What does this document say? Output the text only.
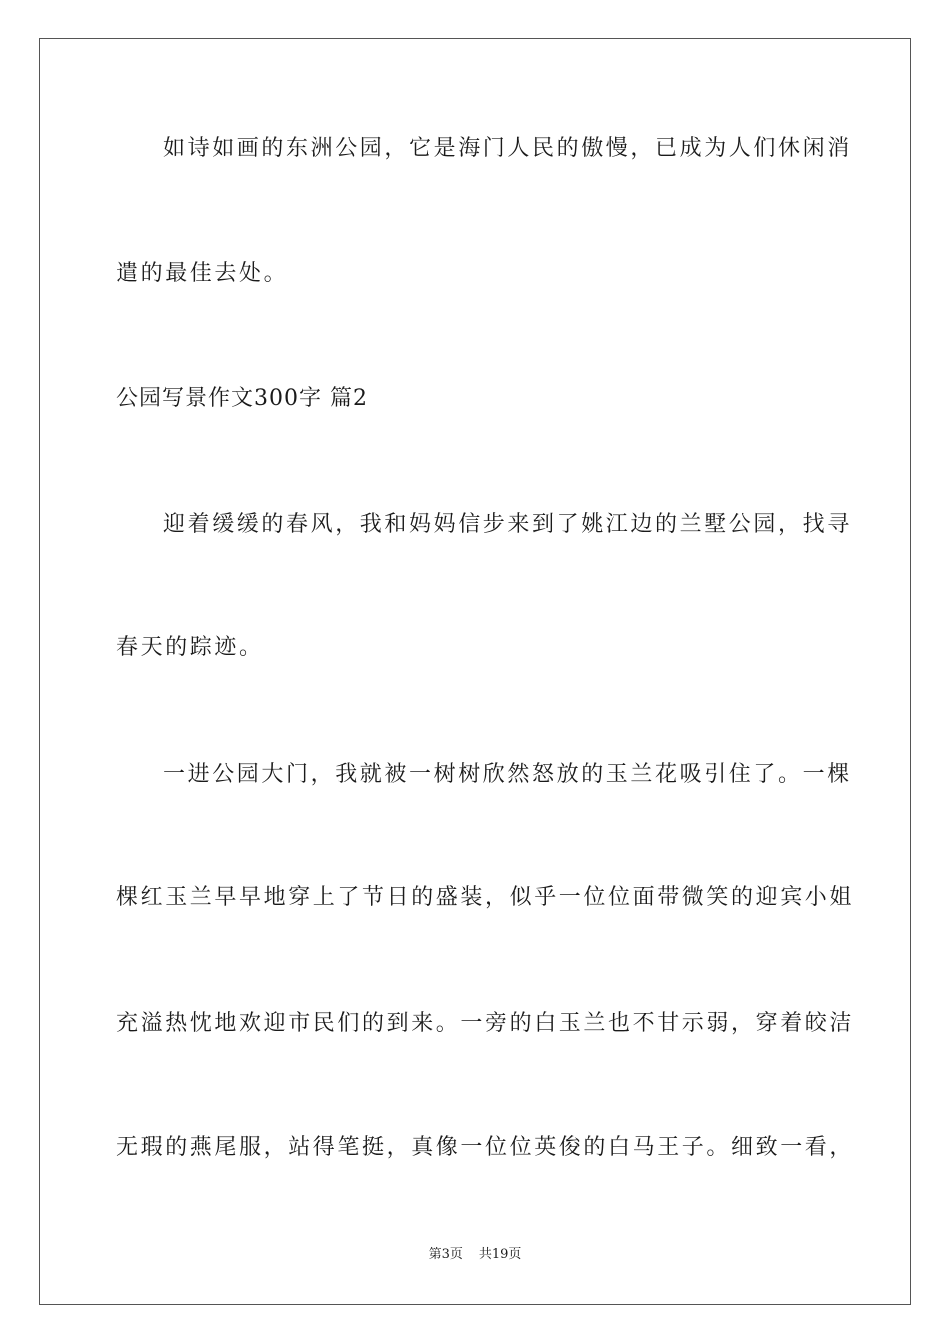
如诗如画的东洲公园，它是海门人民的傲慢，已成为人们休闲消

遣的最佳去处。

公园写景作文300字 篇2

迎着缓缓的春风，我和妈妈信步来到了姚江边的兰墅公园，找寻

春天的踪迹。

一进公园大门，我就被一树树欣然怒放的玉兰花吸引住了。一棵

棵红玉兰早早地穿上了节日的盛装，似乎一位位面带微笑的迎宾小姐

充溢热忱地欢迎市民们的到来。一旁的白玉兰也不甘示弱，穿着皎洁

无瑕的燕尾服，站得笔挺，真像一位位英俊的白马王子。细致一看，

第3页 共19页
